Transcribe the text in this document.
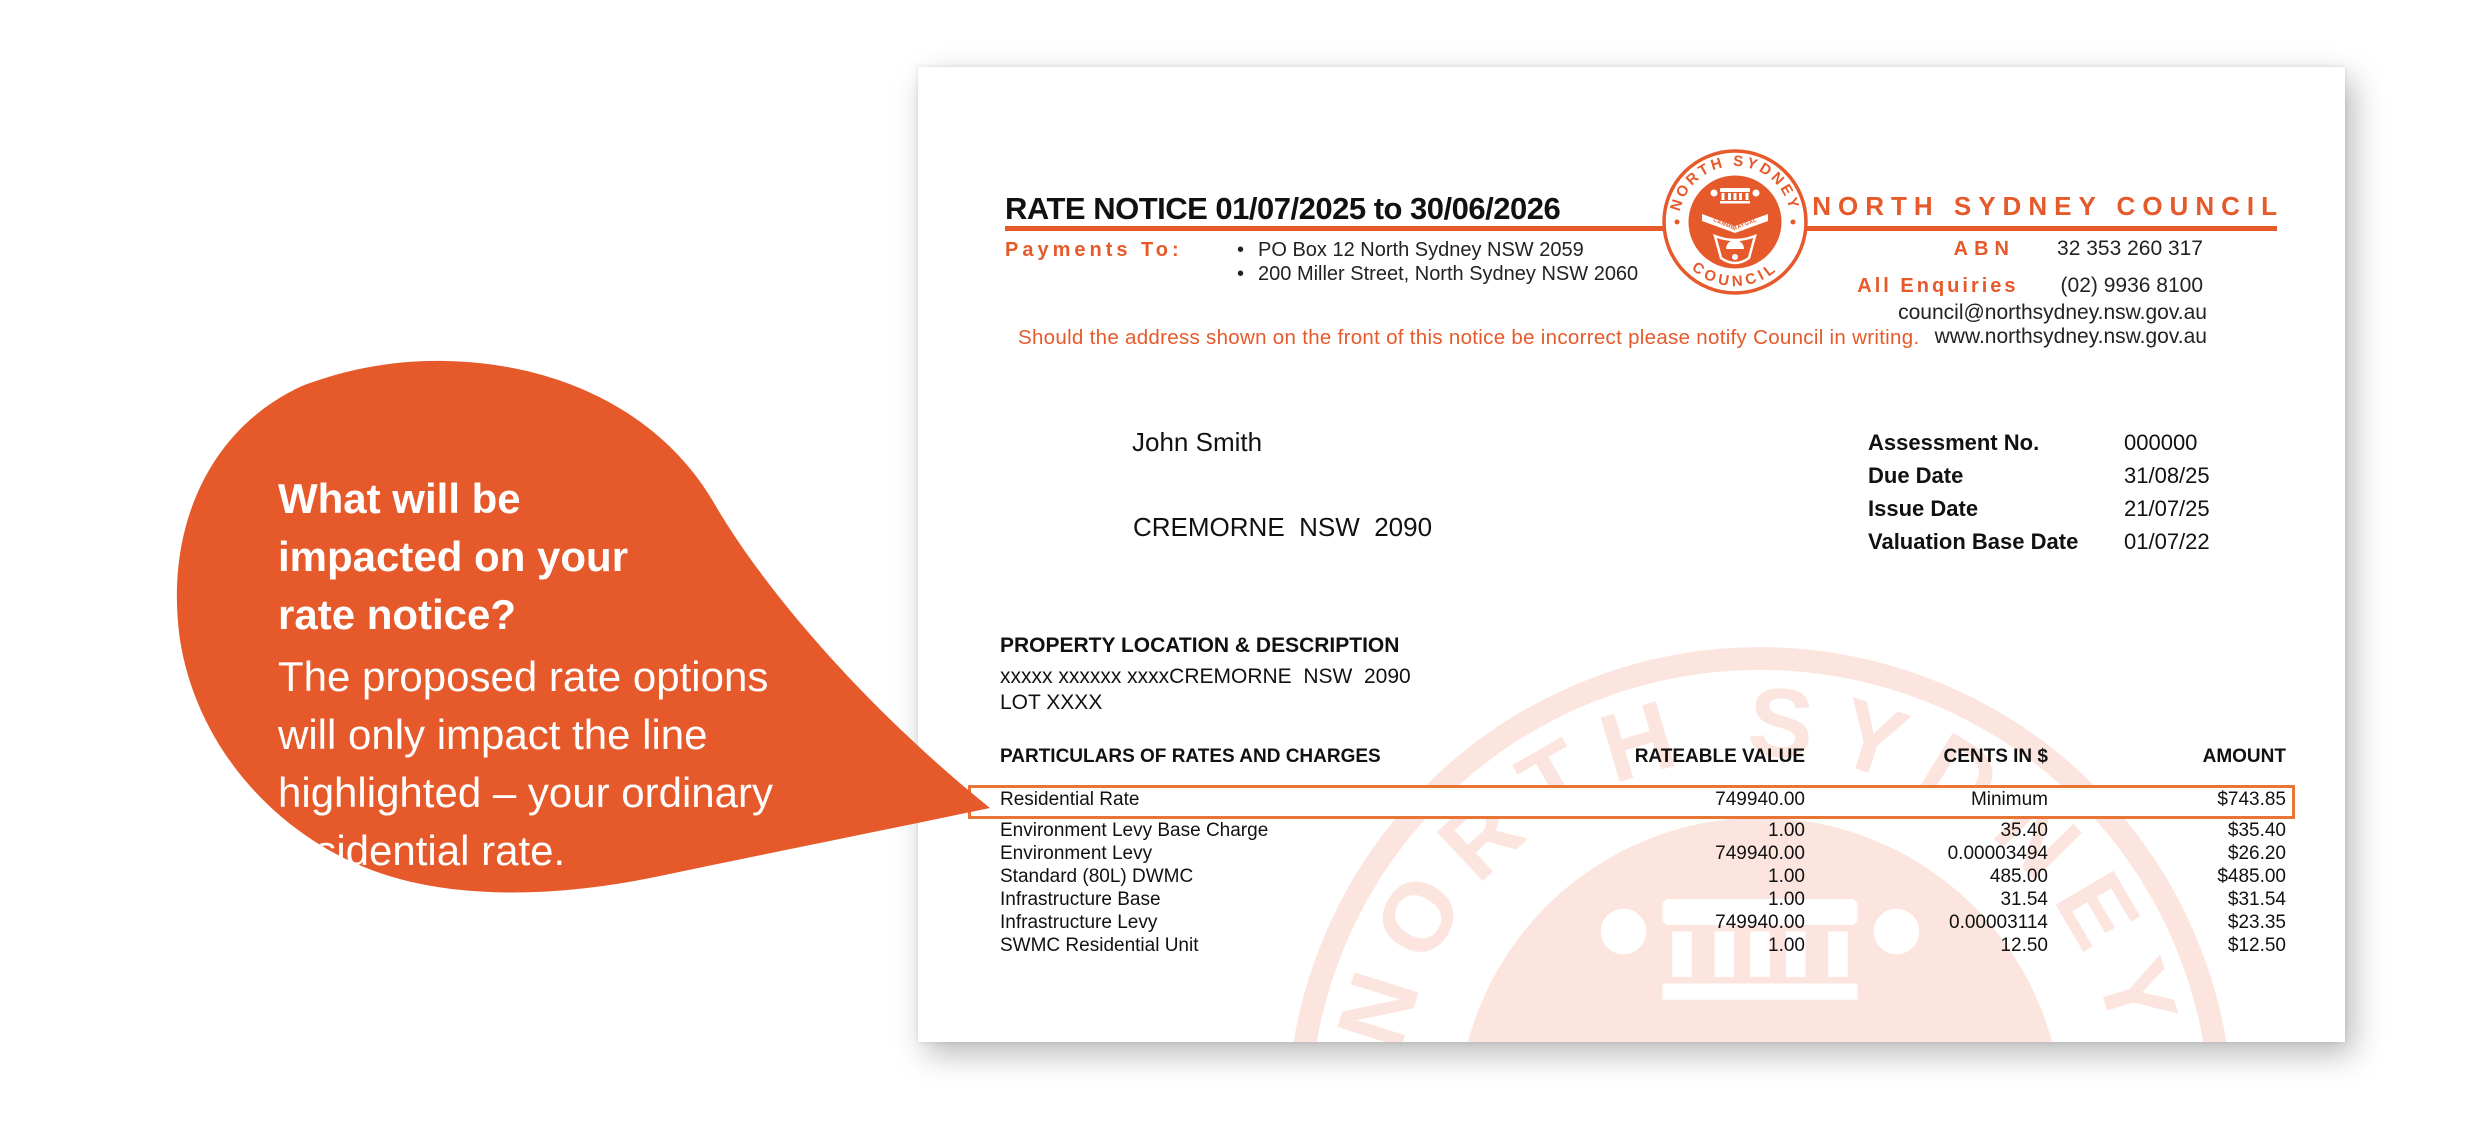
RATE NOTICE 01/07/2025 to 30/06/2026	NORTH SYDNEY COUNCIL
Payments To:	• PO Box 12 North Sydney NSW 2059
• 200 Miller Street, North Sydney NSW 2060
ABN 32 353 260 317
All Enquiries (02) 9936 8100
council@northsydney.nsw.gov.au
www.northsydney.nsw.gov.au
Should the address shown on the front of this notice be incorrect please notify Council in writing.
John Smith
CREMORNE  NSW  2090
Assessment No.	000000
Due Date	31/08/25
Issue Date	21/07/25
Valuation Base Date 01/07/22
PROPERTY LOCATION & DESCRIPTION
xxxxx xxxxxx xxxxCREMORNE  NSW  2090
LOT XXXX
PARTICULARS OF RATES AND CHARGES	RATEABLE VALUE	CENTS IN $	AMOUNT
Residential Rate	749940.00	Minimum	$743.85
Environment Levy Base Charge	1.00	35.40	$35.40
Environment Levy	749940.00	0.00003494	$26.20
Standard (80L) DWMC	1.00	485.00	$485.00
Infrastructure Base	1.00	31.54	$31.54
Infrastructure Levy	749940.00	0.00003114	$23.35
SWMC Residential Unit	1.00	12.50	$12.50
What will be
impacted on your
rate notice?
The proposed rate options
will only impact the line
highlighted – your ordinary
residential rate.
